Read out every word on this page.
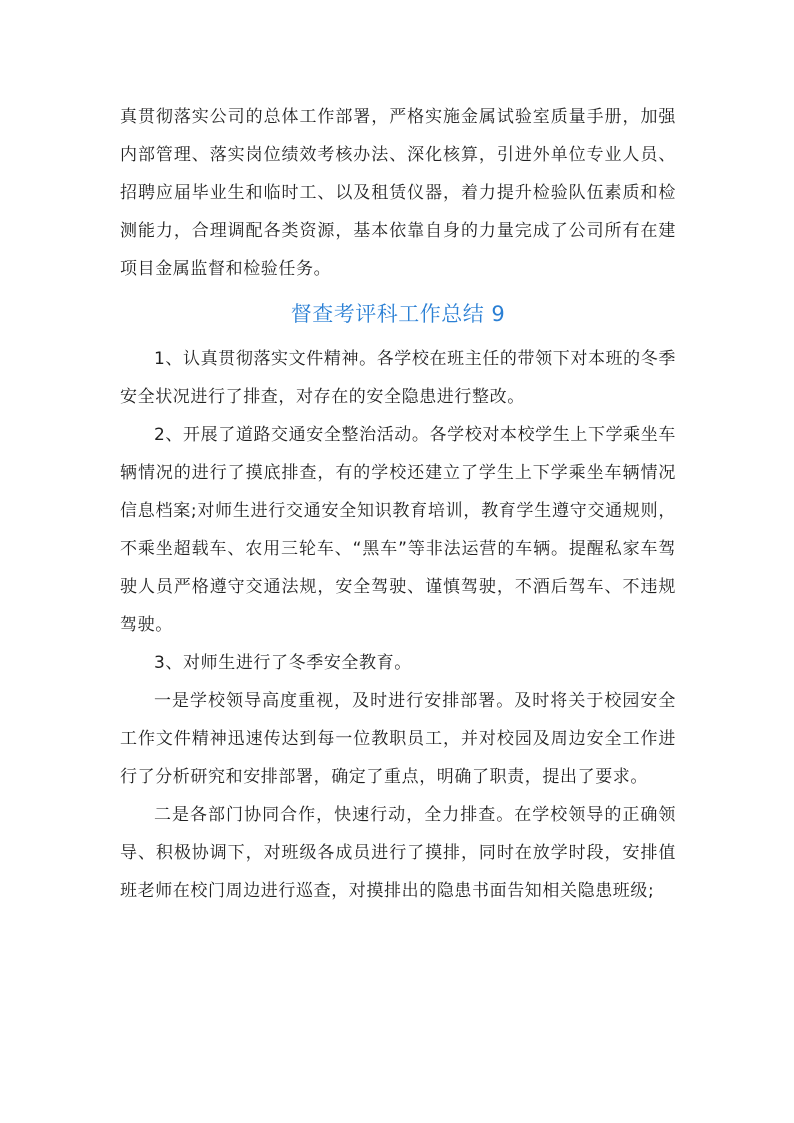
真贯彻落实公司的总体工作部署，严格实施金属试验室质量手册，加强内部管理、落实岗位绩效考核办法、深化核算，引进外单位专业人员、招聘应届毕业生和临时工、以及租赁仪器，着力提升检验队伍素质和检测能力，合理调配各类资源，基本依靠自身的力量完成了公司所有在建项目金属监督和检验任务。

督查考评科工作总结 9

1、认真贯彻落实文件精神。各学校在班主任的带领下对本班的冬季安全状况进行了排查，对存在的安全隐患进行整改。

2、开展了道路交通安全整治活动。各学校对本校学生上下学乘坐车辆情况的进行了摸底排查，有的学校还建立了学生上下学乘坐车辆情况信息档案;对师生进行交通安全知识教育培训，教育学生遵守交通规则，不乘坐超载车、农用三轮车、“黑车”等非法运营的车辆。提醒私家车驾驶人员严格遵守交通法规，安全驾驶、谨慎驾驶，不酒后驾车、不违规驾驶。

3、对师生进行了冬季安全教育。

一是学校领导高度重视，及时进行安排部署。及时将关于校园安全工作文件精神迅速传达到每一位教职员工，并对校园及周边安全工作进行了分析研究和安排部署，确定了重点，明确了职责，提出了要求。

二是各部门协同合作，快速行动，全力排查。在学校领导的正确领导、积极协调下，对班级各成员进行了摸排，同时在放学时段，安排值班老师在校门周边进行巡查，对摸排出的隐患书面告知相关隐患班级;
